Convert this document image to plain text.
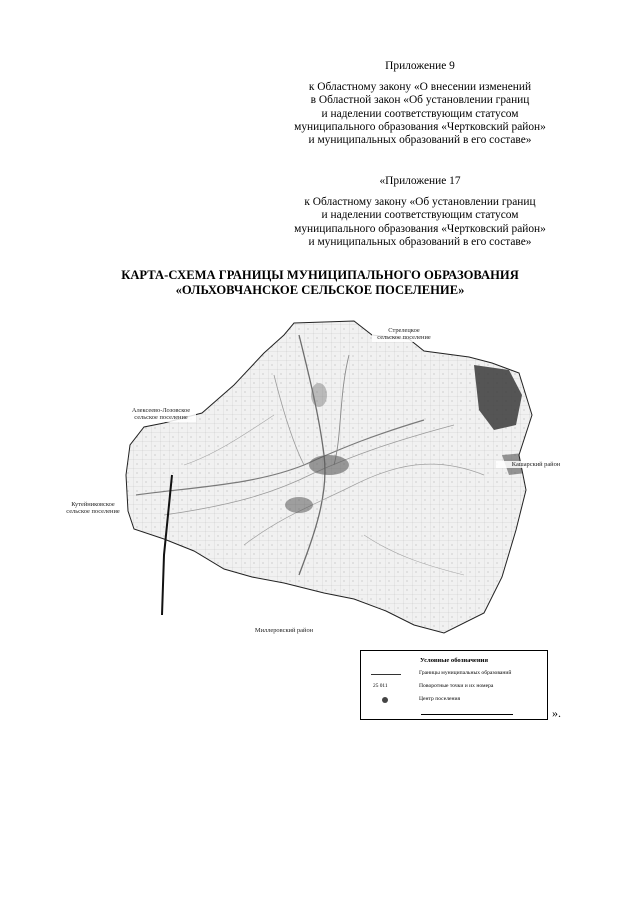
Приложение 9
к Областному закону «О внесении изменений
в Областной закон «Об установлении границ
и наделении соответствующим статусом
муниципального образования «Чертковский район»
и муниципальных образований в его составе»
«Приложение 17
к Областному закону «Об установлении границ
и наделении соответствующим статусом
муниципального образования «Чертковский район»
и муниципальных образований в его составе»
КАРТА-СХЕМА ГРАНИЦЫ МУНИЦИПАЛЬНОГО ОБРАЗОВАНИЯ
«ОЛЬХОВЧАНСКОЕ СЕЛЬСКОЕ ПОСЕЛЕНИЕ»
Стрелецкое
сельское поселение
Алексеево-Лозовское
сельское поселение
Кутейниковское
сельское поселение
Кашарский район
Миллеровский район
Условные обозначения
Границы муниципальных образований
25 011	Поворотные точки и их номера
Центр поселения
».
